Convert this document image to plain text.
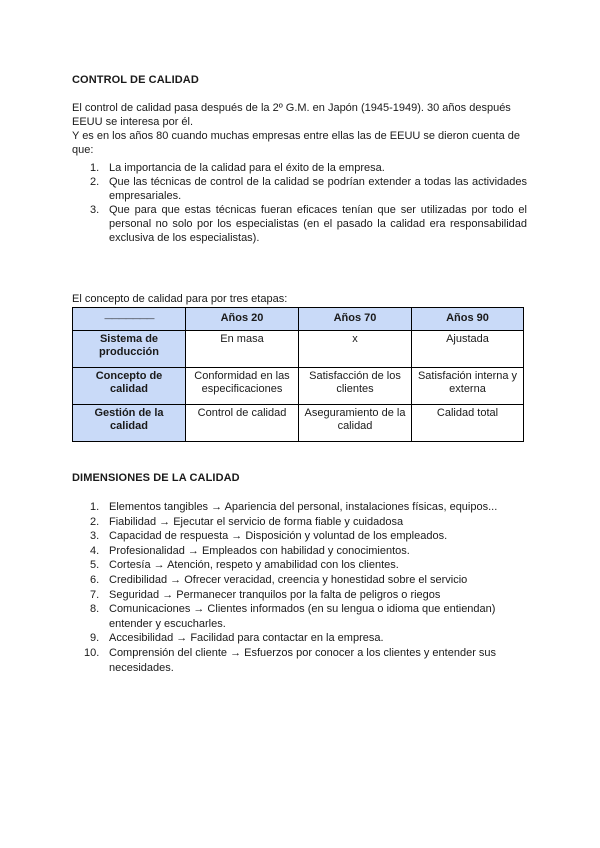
CONTROL DE CALIDAD

El control de calidad pasa después de la 2º G.M. en Japón (1945-1949). 30 años después EEUU se interesa por él.

Y es en los años 80 cuando muchas empresas entre ellas las de EEUU se dieron cuenta de que:

1. La importancia de la calidad para el éxito de la empresa.
2. Que las técnicas de control de la calidad se podrían extender a todas las actividades empresariales.
3. Que para que estas técnicas fueran eficaces tenían que ser utilizadas por todo el personal no solo por los especialistas (en el pasado la calidad era responsabilidad exclusiva de los especialistas).

El concepto de calidad para por tres etapas:

———————	Años 20	Años 70	Años 90
Sistema de producción	En masa	x	Ajustada
Concepto de calidad	Conformidad en las especificaciones	Satisfacción de los clientes	Satisfación interna y externa
Gestión de la calidad	Control de calidad	Aseguramiento de la calidad	Calidad total
DIMENSIONES DE LA CALIDAD
1. Elementos tangibles → Apariencia del personal, instalaciones físicas, equipos...
2. Fiabilidad → Ejecutar el servicio de forma fiable y cuidadosa
3. Capacidad de respuesta → Disposición y voluntad de los empleados.
4. Profesionalidad → Empleados con habilidad y conocimientos.
5. Cortesía → Atención, respeto y amabilidad con los clientes.
6. Credibilidad → Ofrecer veracidad, creencia y honestidad sobre el servicio
7. Seguridad → Permanecer tranquilos por la falta de peligros o riegos
8. Comunicaciones → Clientes informados (en su lengua o idioma que entiendan) entender y escucharles.
9. Accesibilidad → Facilidad para contactar en la empresa.
10. Comprensión del cliente → Esfuerzos por conocer a los clientes y entender sus necesidades.
